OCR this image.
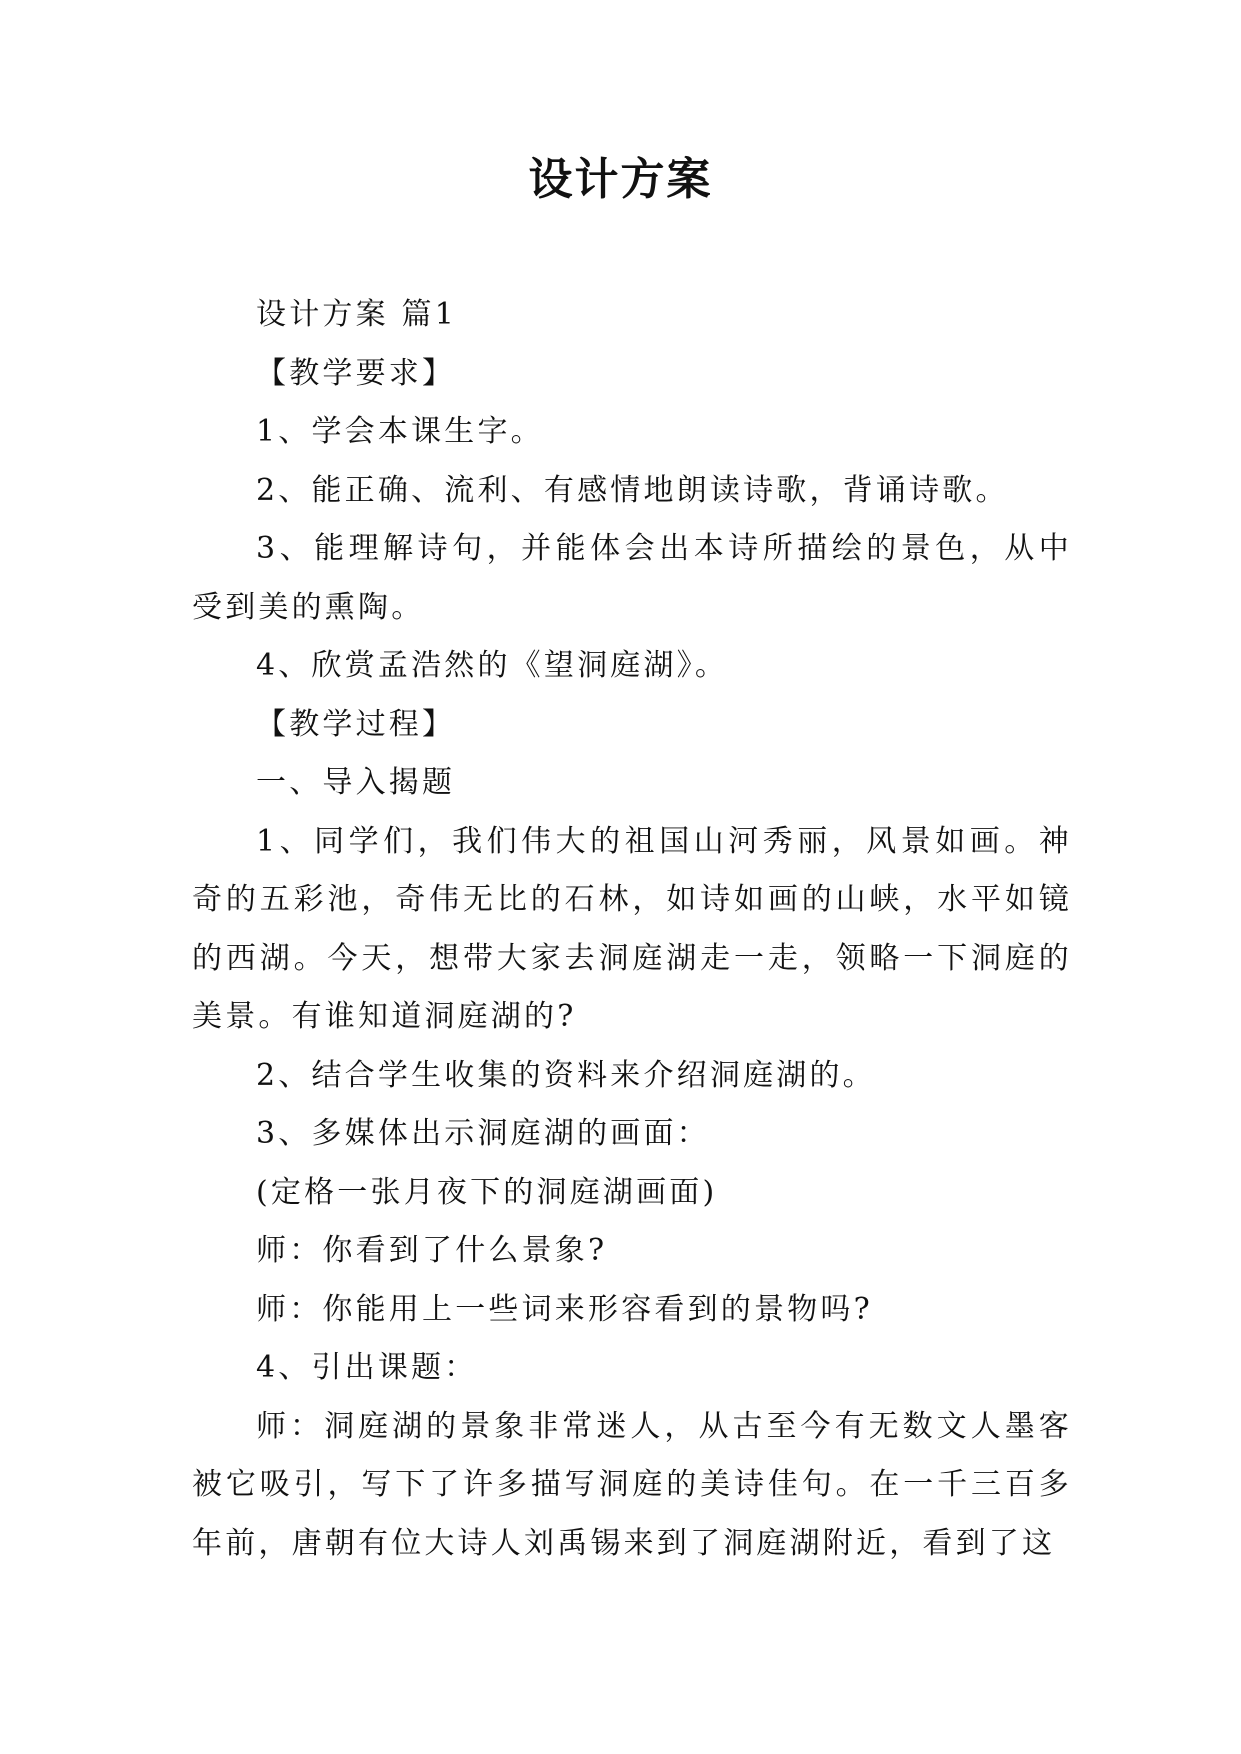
设计方案

设计方案 篇1

【教学要求】

1、学会本课生字。

2、能正确、流利、有感情地朗读诗歌，背诵诗歌。

3、能理解诗句，并能体会出本诗所描绘的景色，从中受到美的熏陶。

4、欣赏孟浩然的《望洞庭湖》。

【教学过程】

一、导入揭题

1、同学们，我们伟大的祖国山河秀丽，风景如画。神奇的五彩池，奇伟无比的石林，如诗如画的山峡，水平如镜的西湖。今天，想带大家去洞庭湖走一走，领略一下洞庭的美景。有谁知道洞庭湖的?

2、结合学生收集的资料来介绍洞庭湖的。

3、多媒体出示洞庭湖的画面：

(定格一张月夜下的洞庭湖画面)

师：你看到了什么景象?

师：你能用上一些词来形容看到的景物吗?

4、引出课题：

师：洞庭湖的景象非常迷人，从古至今有无数文人墨客被它吸引，写下了许多描写洞庭的美诗佳句。在一千三百多年前，唐朝有位大诗人刘禹锡来到了洞庭湖附近，看到了这
